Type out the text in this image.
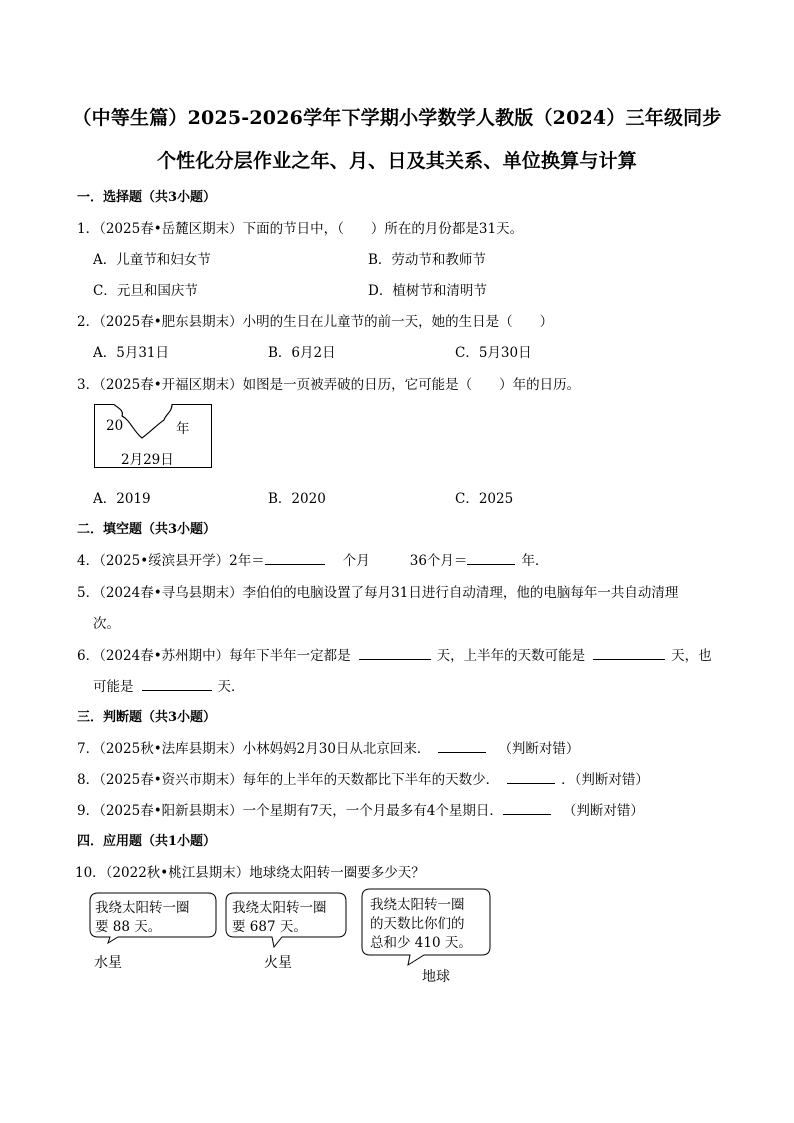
（中等生篇）2025-2026学年下学期小学数学人教版（2024）三年级同步
个性化分层作业之年、月、日及其关系、单位换算与计算
一．选择题（共3小题）
1．（2025春•岳麓区期末）下面的节日中，（　　）所在的月份都是31天。
A．儿童节和妇女节	B．劳动节和教师节
C．元旦和国庆节	D．植树节和清明节
2．（2025春•肥东县期末）小明的生日在儿童节的前一天，她的生日是（　　）
A．5月31日	B．6月2日	C．5月30日
3．（2025春•开福区期末）如图是一页被弄破的日历，它可能是（　　）年的日历。
20	年
2月29日
A．2019	B．2020	C．2025
二．填空题（共3小题）
4．（2025•绥滨县开学）2年＝	个月	36个月＝	年．
5．（2024春•寻乌县期末）李伯伯的电脑设置了每月31日进行自动清理，他的电脑每年一共自动清理
次。
6．（2024春•苏州期中）每年下半年一定都是	天，上半年的天数可能是	天，也
可能是	天．
三．判断题（共3小题）
7．（2025秋•法库县期末）小林妈妈2月30日从北京回来．	（判断对错）
8．（2025春•资兴市期末）每年的上半年的天数都比下半年的天数少．	．（判断对错）
9．（2025春•阳新县期末）一个星期有7天，一个月最多有4个星期日．	（判断对错）
四．应用题（共1小题）
10．（2022秋•桃江县期末）地球绕太阳转一圈要多少天？
我绕太阳转一圈
要 88 天。
水星
我绕太阳转一圈
要 687 天。
火星
我绕太阳转一圈
的天数比你们的
总和少 410 天。
地球
